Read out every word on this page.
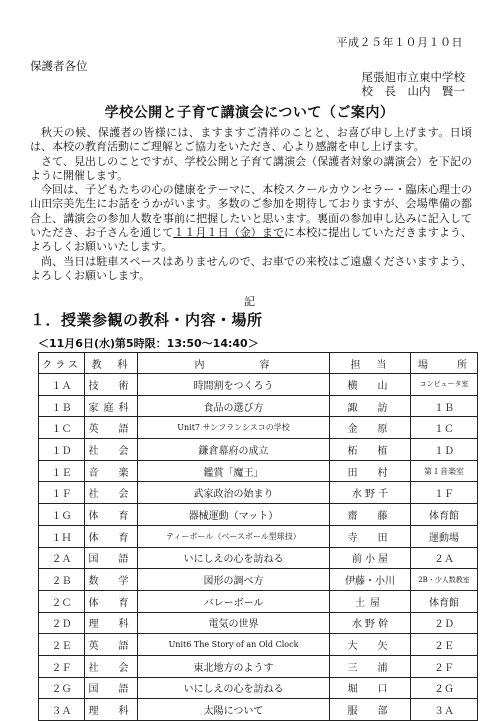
平成２５年１０月１０日
保護者各位
尾張旭市立東中学校
校　長　山内　賢一
学校公開と子育て講演会について（ご案内）

秋天の候、保護者の皆様には、ますますご清祥のことと、お喜び申し上げます。日頃は、本校の教育活動にご理解とご協力をいただき、心より感謝を申し上げます。

さて、見出しのことですが、学校公開と子育て講演会（保護者対象の講演会）を下記のように開催します。

今回は、子どもたちの心の健康をテーマに、本校スクールカウンセラー・臨床心理士の山田宗美先生にお話をうかがいます。多数のご参加を期待しておりますが、会場準備の都合上、講演会の参加人数を事前に把握したいと思います。裏面の参加申し込みに記入していただき、お子さんを通じて１１月１日（金）までに本校に提出していただきますよう、よろしくお願いいたします。

尚、当日は駐車スペースはありませんので、お車での来校はご遠慮くださいますよう、よろしくお願いします。

記
１．授業参観の教科・内容・場所
＜11月6日(水)第5時限：13:50～14:40＞
クラス	教　科	内　　　　容	担　当	場　　所
１Ａ	技　術	時間割をつくろう	横　山	コンピュータ室
１Ｂ	家庭科	食品の選び方	諏　訪	１Ｂ
１Ｃ	英　語	Unit7 サンフランシスコの学校	金　原	１Ｃ
１Ｄ	社　会	鎌倉幕府の成立	柘　植	１Ｄ
１Ｅ	音　楽	鑑賞「魔王」	田　村	第１音楽室
１Ｆ	社　会	武家政治の始まり	水 野 千	１Ｆ
１Ｇ	体　育	器械運動（マット）	齋　藤	体育館
１Ｈ	体　育	ティーボール（ベースボール型球技）	寺　田	運動場
２Ａ	国　語	いにしえの心を訪ねる	前 小 屋	２Ａ
２Ｂ	数　学	図形の調べ方	伊藤・小川	2B・少人数教室
２Ｃ	体　育	バレーボール	土屋	体育館
２Ｄ	理　科	電気の世界	水 野 幹	２Ｄ
２Ｅ	英　語	Unit6 The Story of an Old Clock	大　矢	２Ｅ
２Ｆ	社　会	東北地方のようす	三　浦	２Ｆ
２Ｇ	国　語	いにしえの心を訪ねる	堀　口	２Ｇ
３Ａ	理　科	太陽について	服　部	３Ａ
